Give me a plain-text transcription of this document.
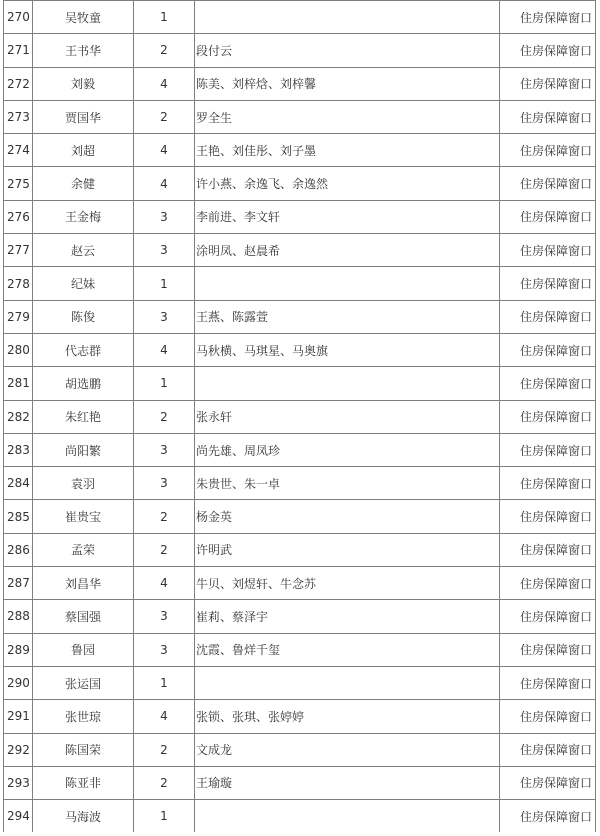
270	吴牧童	1		住房保障窗口
271	王书华	2	段付云	住房保障窗口
272	刘毅	4	陈美、刘梓焓、刘梓馨	住房保障窗口
273	贾国华	2	罗全生	住房保障窗口
274	刘超	4	王艳、刘佳彤、刘子墨	住房保障窗口
275	余健	4	许小燕、余逸飞、余逸然	住房保障窗口
276	王金梅	3	李前进、李文轩	住房保障窗口
277	赵云	3	涂明凤、赵晨希	住房保障窗口
278	纪妹	1		住房保障窗口
279	陈俊	3	王燕、陈露萱	住房保障窗口
280	代志群	4	马秋横、马琪星、马奥旗	住房保障窗口
281	胡选鹏	1		住房保障窗口
282	朱红艳	2	张永轩	住房保障窗口
283	尚阳繁	3	尚先雄、周凤珍	住房保障窗口
284	袁羽	3	朱贵世、朱一卓	住房保障窗口
285	崔贵宝	2	杨金英	住房保障窗口
286	孟荣	2	许明武	住房保障窗口
287	刘昌华	4	牛贝、刘煜轩、牛念苏	住房保障窗口
288	蔡国强	3	崔莉、蔡泽宇	住房保障窗口
289	鲁园	3	沈霞、鲁烊千玺	住房保障窗口
290	张运国	1		住房保障窗口
291	张世琼	4	张锁、张琪、张婷婷	住房保障窗口
292	陈国荣	2	文成龙	住房保障窗口
293	陈亚非	2	王瑜璇	住房保障窗口
294	马海波	1		住房保障窗口
